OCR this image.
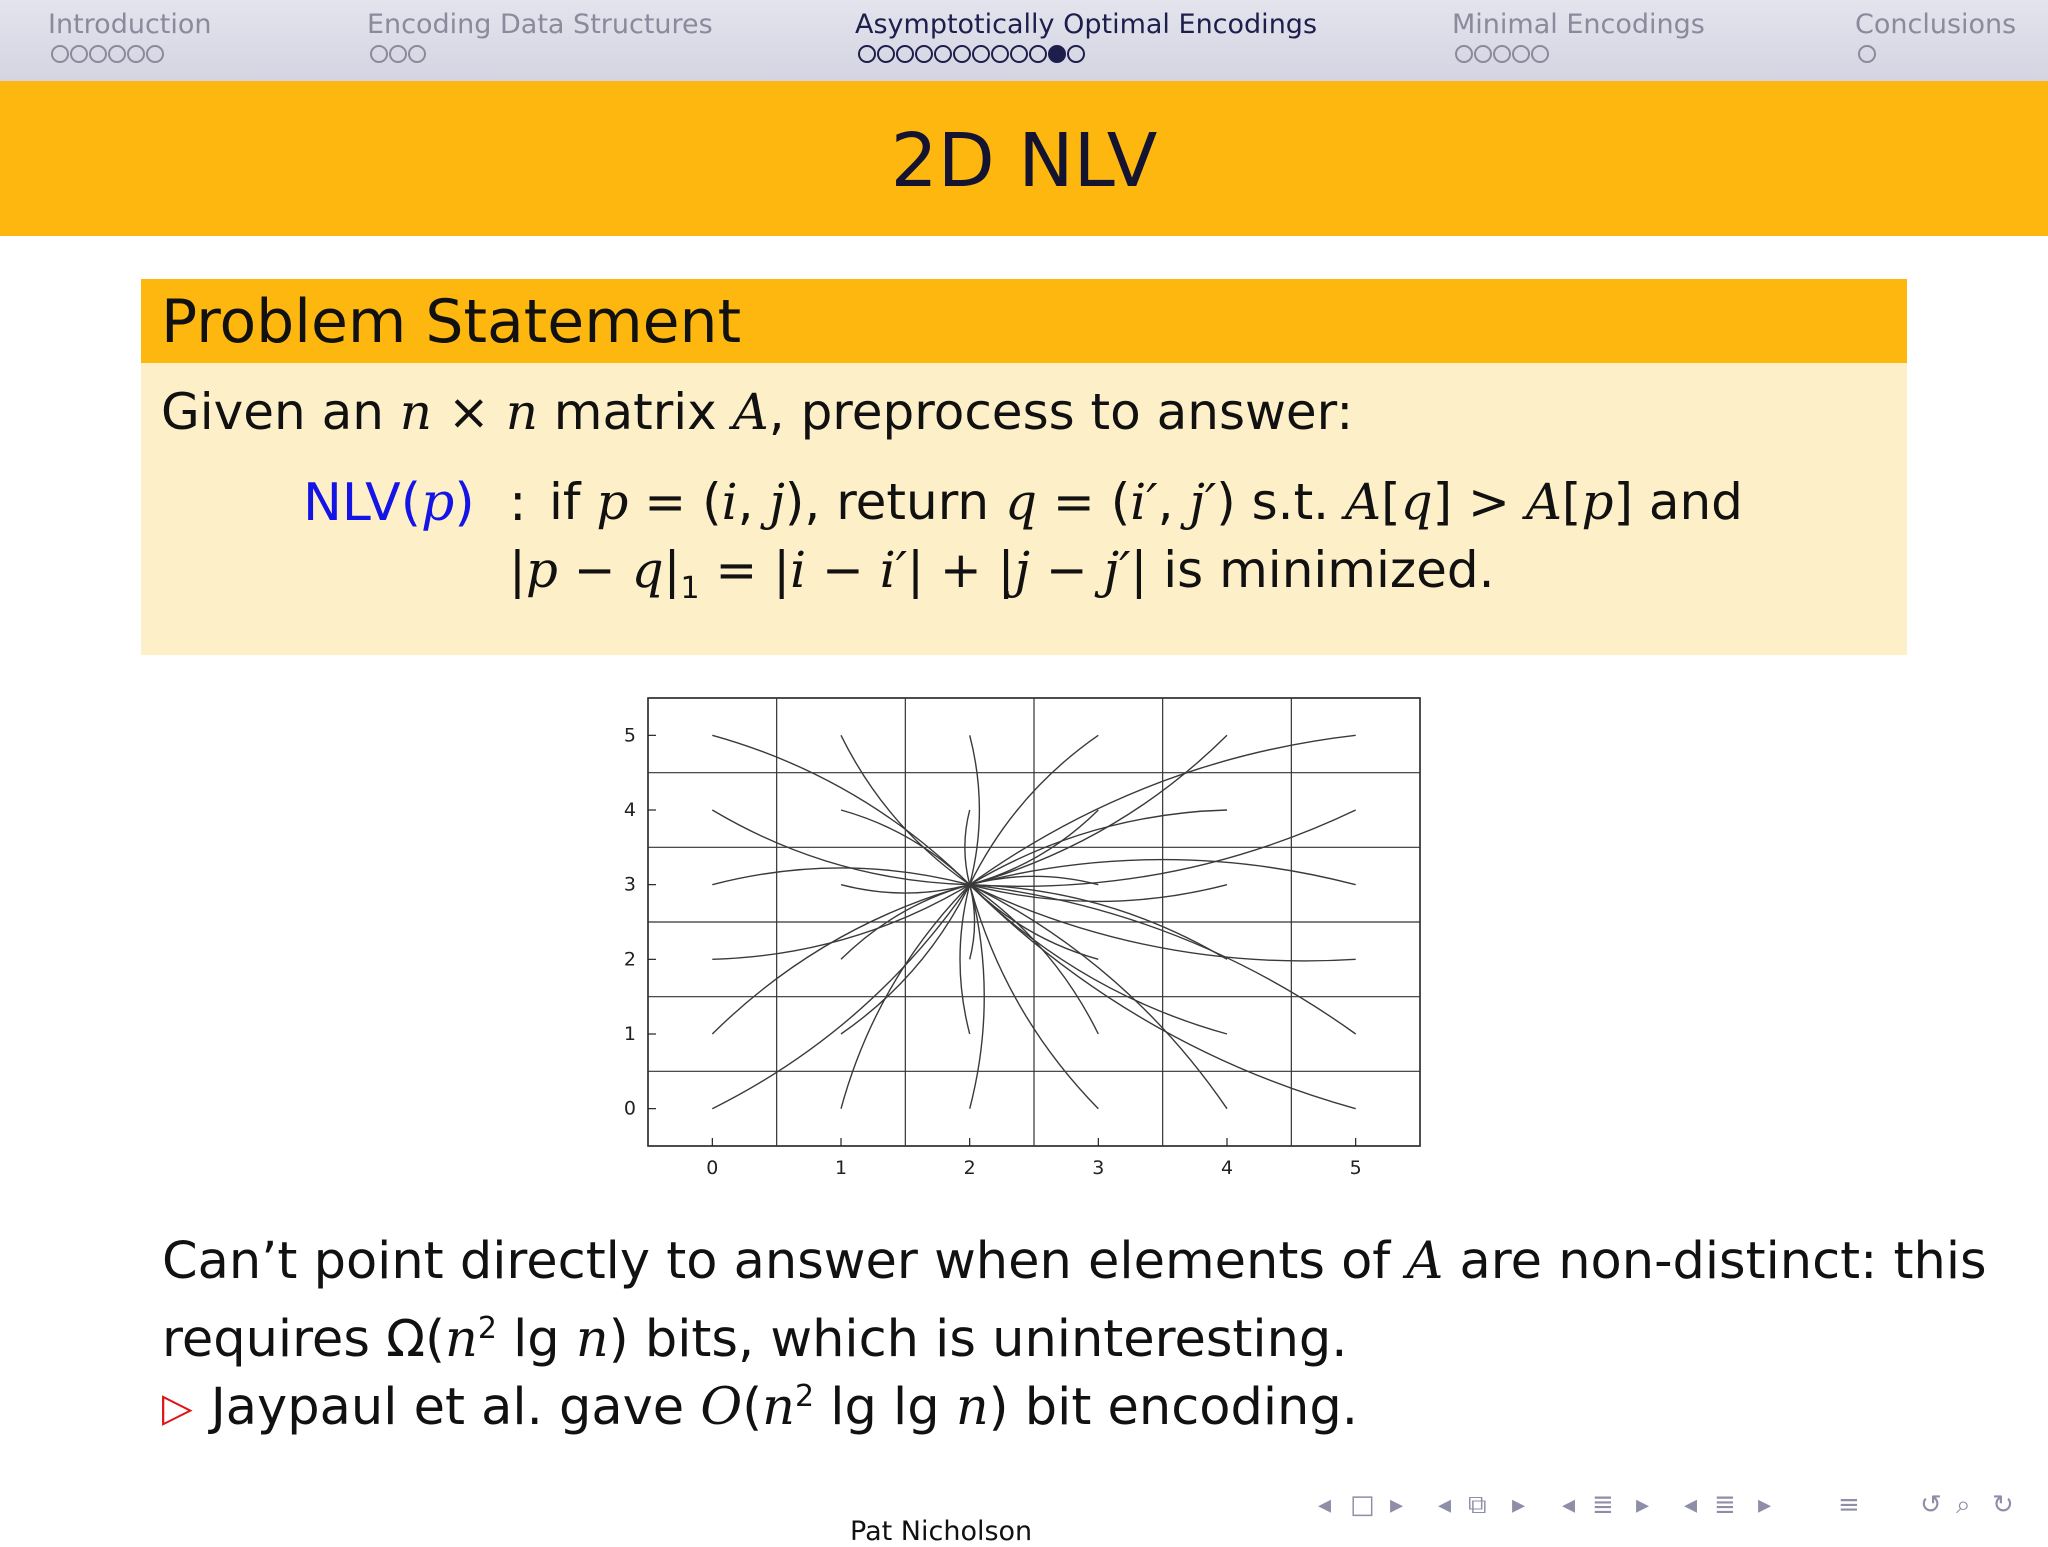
Introduction	Encoding Data Structures	Asymptotically Optimal Encodings	Minimal Encodings	Conclusions
2D NLV
Problem Statement
Given an n × n matrix A, preprocess to answer:
NLV(p) : if p = (i, j), return q = (i′, j′) s.t. A[q] > A[p] and
$|p - q|_1 = |i - i'| + |j - j'|$ is minimized.
0	1	2	3	4	5
0
1
2
3
4
5
Can’t point directly to answer when elements of A are non-distinct: this
requires $\Omega(n^2$ lg n) bits, which is uninteresting.
▷ Jaypaul et al. gave $O(n^2$ lg lg n) bit encoding.
◂ □ ▸ ◂ ⧉ ▸ ◂ ≣ ▸ ◂ ≣ ▸	≡ ↺ ⌕ ↻
Pat Nicholson
